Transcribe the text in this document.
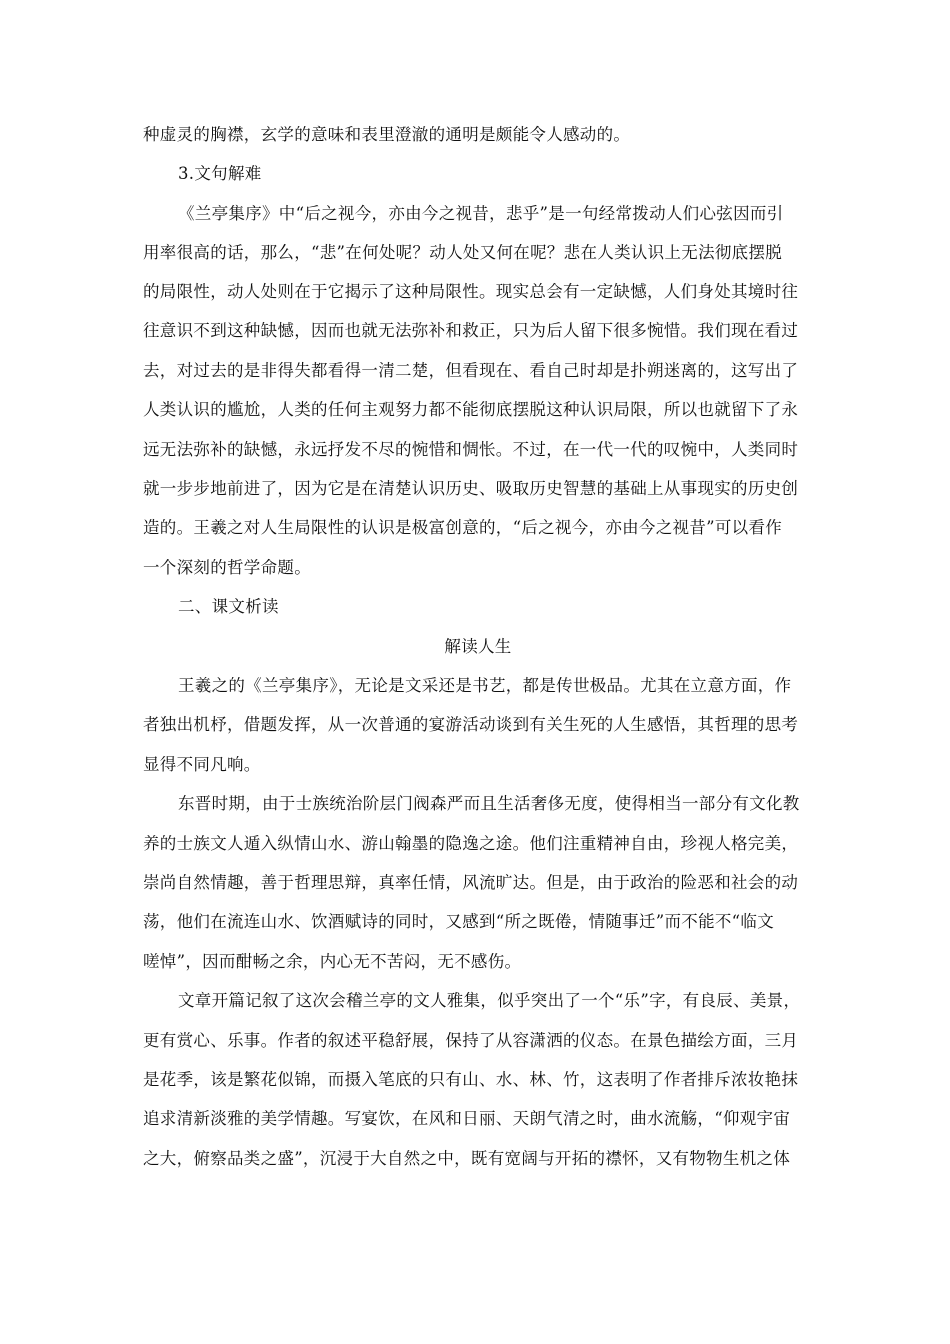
种虚灵的胸襟，玄学的意味和表里澄澈的通明是颇能令人感动的。
3.文句解难
《兰亭集序》中“后之视今，亦由今之视昔，悲乎”是一句经常拨动人们心弦因而引
用率很高的话，那么，“悲”在何处呢？动人处又何在呢？悲在人类认识上无法彻底摆脱
的局限性，动人处则在于它揭示了这种局限性。现实总会有一定缺憾，人们身处其境时往
往意识不到这种缺憾，因而也就无法弥补和救正，只为后人留下很多惋惜。我们现在看过
去，对过去的是非得失都看得一清二楚，但看现在、看自己时却是扑朔迷离的，这写出了
人类认识的尴尬，人类的任何主观努力都不能彻底摆脱这种认识局限，所以也就留下了永
远无法弥补的缺憾，永远抒发不尽的惋惜和惆怅。不过，在一代一代的叹惋中，人类同时
就一步步地前进了，因为它是在清楚认识历史、吸取历史智慧的基础上从事现实的历史创
造的。王羲之对人生局限性的认识是极富创意的，“后之视今，亦由今之视昔”可以看作
一个深刻的哲学命题。
二、课文析读
解读人生
王羲之的《兰亭集序》，无论是文采还是书艺，都是传世极品。尤其在立意方面，作
者独出机杼，借题发挥，从一次普通的宴游活动谈到有关生死的人生感悟，其哲理的思考
显得不同凡响。
东晋时期，由于士族统治阶层门阀森严而且生活奢侈无度，使得相当一部分有文化教
养的士族文人遁入纵情山水、游山翰墨的隐逸之途。他们注重精神自由，珍视人格完美，
崇尚自然情趣，善于哲理思辩，真率任情，风流旷达。但是，由于政治的险恶和社会的动
荡，他们在流连山水、饮酒赋诗的同时，又感到“所之既倦，情随事迁”而不能不“临文
嗟悼”，因而酣畅之余，内心无不苦闷，无不感伤。
文章开篇记叙了这次会稽兰亭的文人雅集，似乎突出了一个“乐”字，有良辰、美景，
更有赏心、乐事。作者的叙述平稳舒展，保持了从容潇洒的仪态。在景色描绘方面，三月
是花季，该是繁花似锦，而摄入笔底的只有山、水、林、竹，这表明了作者排斥浓妆艳抹
追求清新淡雅的美学情趣。写宴饮，在风和日丽、天朗气清之时，曲水流觞，“仰观宇宙
之大，俯察品类之盛”，沉浸于大自然之中，既有宽阔与开拓的襟怀，又有物物生机之体
